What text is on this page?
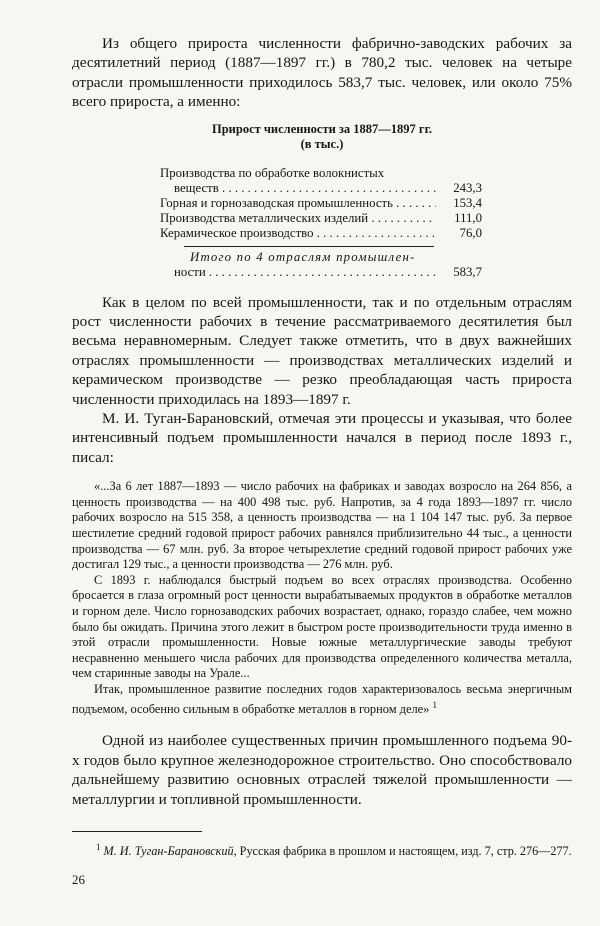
Из общего прироста численности фабрично-заводских рабочих за десятилетний период (1887—1897 гг.) в 780,2 тыс. человек на четыре отрасли промышленности приходилось 583,7 тыс. человек, или около 75% всего прироста, а именно:

Прирост численности за 1887—1897 гг.
(в тыс.)
Производства по обработке волокнистых
веществ . . .	243,3
Горная и горнозаводская промышленность . . .	153,4
Производства металлических изделий . . .	111,0
Керамическое производство . . .	76,0
Итого по 4 отраслям промышлен-
ности . . .	583,7

Как в целом по всей промышленности, так и по отдельным отраслям рост численности рабочих в течение рассматриваемого десятилетия был весьма неравномерным. Следует также отметить, что в двух важнейших отраслях промышленности — производствах металлических изделий и керамическом производстве — резко преобладающая часть прироста численности приходилась на 1893—1897 г.

М. И. Туган-Барановский, отмечая эти процессы и указывая, что более интенсивный подъем промышленности начался в период после 1893 г., писал:

«...За 6 лет 1887—1893 — число рабочих на фабриках и заводах возросло на 264 856, а ценность производства — на 400 498 тыс. руб. Напротив, за 4 года 1893—1897 гг. число рабочих возросло на 515 358, а ценность производства — на 1 104 147 тыс. руб. За первое шестилетие средний годовой прирост рабочих равнялся приблизительно 44 тыс., а ценности производства — 67 млн. руб. За второе четырехлетие средний годовой прирост рабочих уже достигал 129 тыс., а ценности производства — 276 млн. руб.

С 1893 г. наблюдался быстрый подъем во всех отраслях производства. Особенно бросается в глаза огромный рост ценности вырабатываемых продуктов в обработке металлов и горном деле. Число горнозаводских рабочих возрастает, однако, гораздо слабее, чем можно было бы ожидать. Причина этого лежит в быстром росте производительности труда именно в этой отрасли промышленности. Новые южные металлургические заводы требуют несравненно меньшего числа рабочих для производства определенного количества металла, чем старинные заводы на Урале...

Итак, промышленное развитие последних годов характеризовалось весьма энергичным подъемом, особенно сильным в обработке металлов в горном деле» $^1$

Одной из наиболее существенных причин промышленного подъема 90-х годов было крупное железнодорожное строительство. Оно способствовало дальнейшему развитию основных отраслей тяжелой промышленности — металлургии и топливной промышленности.

$^1$ М. И. Туган-Барановский, Русская фабрика в прошлом и настоящем, изд. 7, стр. 276—277.

26
